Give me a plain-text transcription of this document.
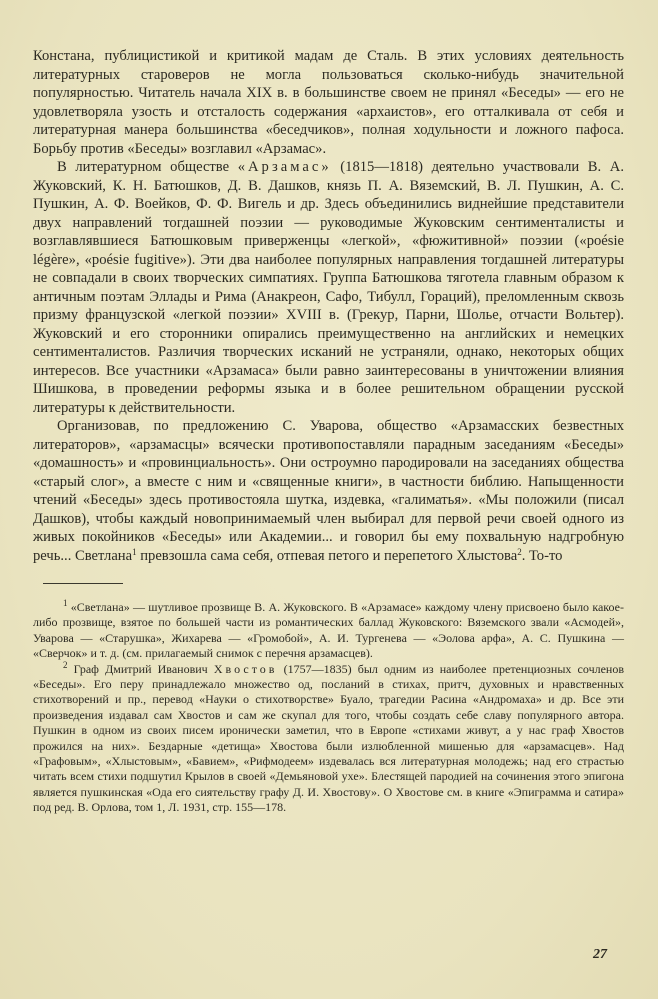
Констана, публицистикой и критикой мадам де Сталь. В этих условиях деятельность литературных староверов не могла пользоваться сколько-нибудь значительной популярностью. Читатель начала XIX в. в большинстве своем не принял «Беседы» — его не удовлетворяла узость и отсталость содержания «архаистов», его отталкивала от себя и литературная манера большинства «беседчиков», полная ходульности и ложного пафоса. Борьбу против «Беседы» возглавил «Арзамас».

В литературном обществе «Арзамас» (1815—1818) деятельно участвовали В. А. Жуковский, К. Н. Батюшков, Д. В. Дашков, князь П. А. Вяземский, В. Л. Пушкин, А. С. Пушкин, А. Ф. Воейков, Ф. Ф. Вигель и др. Здесь объединились виднейшие представители двух направлений тогдашней поэзии — руководимые Жуковским сентименталисты и возглавлявшиеся Батюшковым приверженцы «легкой», «фюжитивной» поэзии («poésie légère», «poésie fugitive»). Эти два наиболее популярных направления тогдашней литературы не совпадали в своих творческих симпатиях. Группа Батюшкова тяготела главным образом к античным поэтам Эллады и Рима (Анакреон, Сафо, Тибулл, Гораций), преломленным сквозь призму французской «легкой поэзии» XVIII в. (Грекур, Парни, Шолье, отчасти Вольтер). Жуковский и его сторонники опирались преимущественно на английских и немецких сентименталистов. Различия творческих исканий не устраняли, однако, некоторых общих интересов. Все участники «Арзамаса» были равно заинтересованы в уничтожении влияния Шишкова, в проведении реформы языка и в более решительном обращении русской литературы к действительности.

Организовав, по предложению С. Уварова, общество «Арзамасских безвестных литераторов», «арзамасцы» всячески противопоставляли парадным заседаниям «Беседы» «домашность» и «провинциальность». Они остроумно пародировали на заседаниях общества «старый слог», а вместе с ним и «священные книги», в частности библию. Напыщенности чтений «Беседы» здесь противостояла шутка, издевка, «галиматья». «Мы положили (писал Дашков), чтобы каждый новопринимаемый член выбирал для первой речи своей одного из живых покойников «Беседы» или Академии... и говорил бы ему похвальную надгробную речь... Светлана$^1$ превзошла сама себя, отпевая петого и перепетого Хлыстова$^2$. То-то

$^1$ «Светлана» — шутливое прозвище В. А. Жуковского. В «Арзамасе» каждому члену присвоено было какое-либо прозвище, взятое по большей части из романтических баллад Жуковского: Вяземского звали «Асмодей», Уварова — «Старушка», Жихарева — «Громобой», А. И. Тургенева — «Эолова арфа», А. С. Пушкина — «Сверчок» и т. д. (см. прилагаемый снимок с перечня арзамасцев).

$^2$ Граф Дмитрий Иванович Хвостов (1757—1835) был одним из наиболее претенциозных сочленов «Беседы». Его перу принадлежало множество од, посланий в стихах, притч, духовных и нравственных стихотворений и пр., перевод «Науки о стихотворстве» Буало, трагедии Расина «Андромаха» и др. Все эти произведения издавал сам Хвостов и сам же скупал для того, чтобы создать себе славу популярного автора. Пушкин в одном из своих писем иронически заметил, что в Европе «стихами живут, а у нас граф Хвостов прожился на них». Бездарные «детища» Хвостова были излюбленной мишенью для «арзамасцев». Над «Графовым», «Хлыстовым», «Бавием», «Рифмодеем» издевалась вся литературная молодежь; над его страстью читать всем стихи подшутил Крылов в своей «Демьяновой ухе». Блестящей пародией на сочинения этого эпигона является пушкинская «Ода его сиятельству графу Д. И. Хвостову». О Хвостове см. в книге «Эпиграмма и сатира» под ред. В. Орлова, том 1, Л. 1931, стр. 155—178.

27
